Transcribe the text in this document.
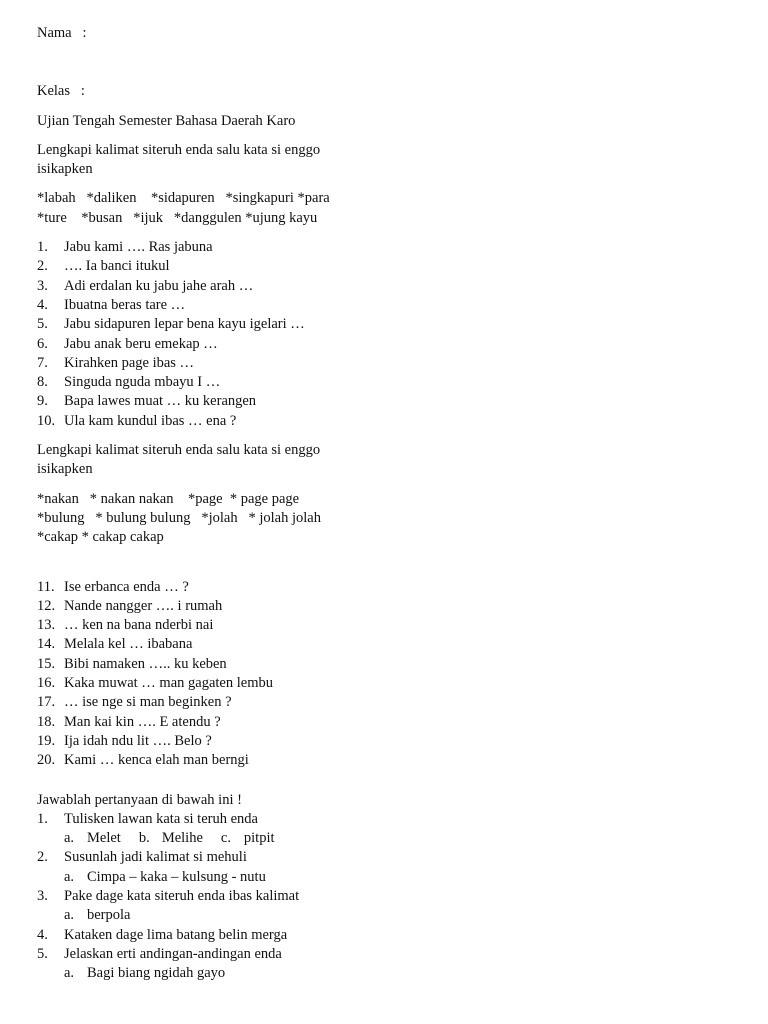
Nama   :
Kelas   :
Ujian Tengah Semester Bahasa Daerah Karo
Lengkapi kalimat siteruh enda salu kata si enggo
isikapken
*labah   *daliken    *sidapuren   *singkapuri *para
*ture    *busan   *ijuk   *danggulen *ujung kayu
1.	Jabu kami …. Ras jabuna
2.	…. Ia banci itukul
3.	Adi erdalan ku jabu jahe arah …
4.	Ibuatna beras tare …
5.	Jabu sidapuren lepar bena kayu igelari …
6.	Jabu anak beru emekap …
7.	Kirahken page ibas …
8.	Singuda nguda mbayu I …
9.	Bapa lawes muat … ku kerangen
10. Ula kam kundul ibas … ena ?
Lengkapi kalimat siteruh enda salu kata si enggo
isikapken
*nakan   * nakan nakan    *page  * page page
*bulung   * bulung bulung   *jolah   * jolah jolah
*cakap * cakap cakap
11. Ise erbanca enda … ?
12. Nande nangger …. i rumah
13. … ken na bana nderbi nai
14. Melala kel … ibabana
15. Bibi namaken ….. ku keben
16. Kaka muwat … man gagaten lembu
17. … ise nge si man beginken ?
18. Man kai kin …. E atendu ?
19. Ija idah ndu lit …. Belo ?
20. Kami … kenca elah man berngi
Jawablah pertanyaan di bawah ini !
1.	Tulisken lawan kata si teruh enda
a. Melet b. Melihe c. pitpit
2.	Susunlah jadi kalimat si mehuli
a. Cimpa – kaka – kulsung - nutu
3.	Pake dage kata siteruh enda ibas kalimat
a. berpola
4.	Kataken dage lima batang belin merga
5.	Jelaskan erti andingan-andingan enda
a. Bagi biang ngidah gayo
